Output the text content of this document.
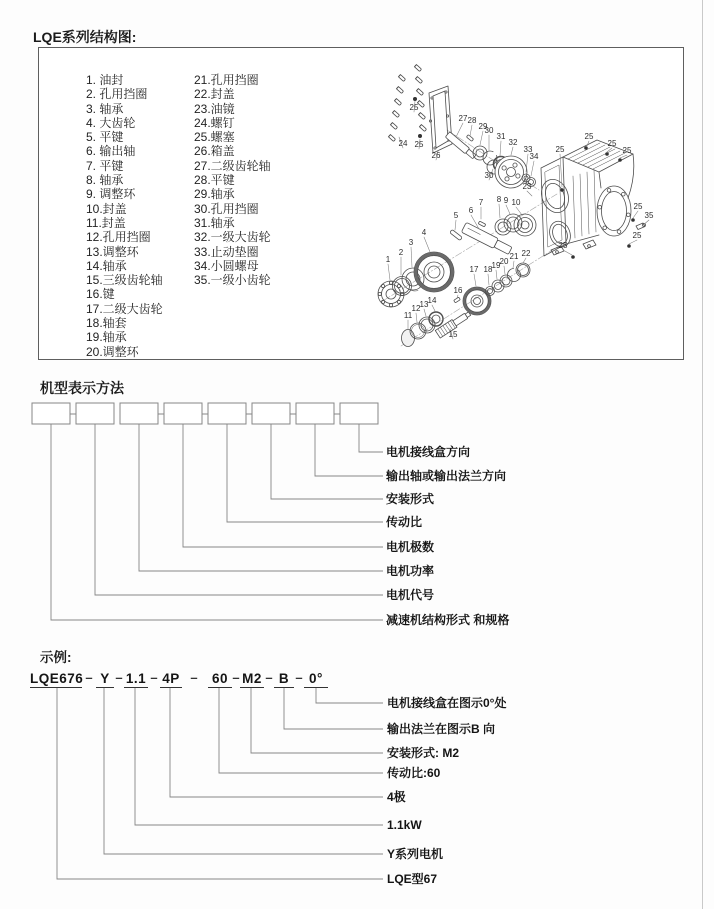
LQE系列结构图:
1. 油封
2. 孔用挡圈
3. 轴承
4. 大齿轮
5. 平键
6. 输出轴
7. 平键
8. 轴承
9. 调整环
10.封盖
11.封盖
12.孔用挡圈
13.调整环
14.轴承
15.三级齿轮轴
16.键
17.二级大齿轮
18.轴套
19.轴承
20.调整环
21.孔用挡圈
22.封盖
23.油镜
24.螺钉
25.螺塞
26.箱盖
27.二级齿轮轴
28.平键
29.轴承
30.孔用挡圈
31.轴承
32.一级大齿轮
33.止动垫圈
34.小圆螺母
35.一级小齿轮
25
24 25
26
27 28
29
30
31
32
33
34
30
23
25
25
25
25
25
35
25
25
1
2
3
4
5
6
7 8 9 10
11
12 13 14
15
16
17 18 19 20
21 22
机型表示方法
电机接线盒方向
输出轴或输出法兰方向
安装形式
传动比
电机极数
电机功率
电机代号
减速机结构形式 和规格
示例:
LQE676 – Y – 1.1 – 4P – 60 – M2 – B – 0°
电机接线盒在图示0°处
输出法兰在图示B 向
安装形式: M2
传动比:60
4极
1.1kW
Y系列电机
LQE型67
